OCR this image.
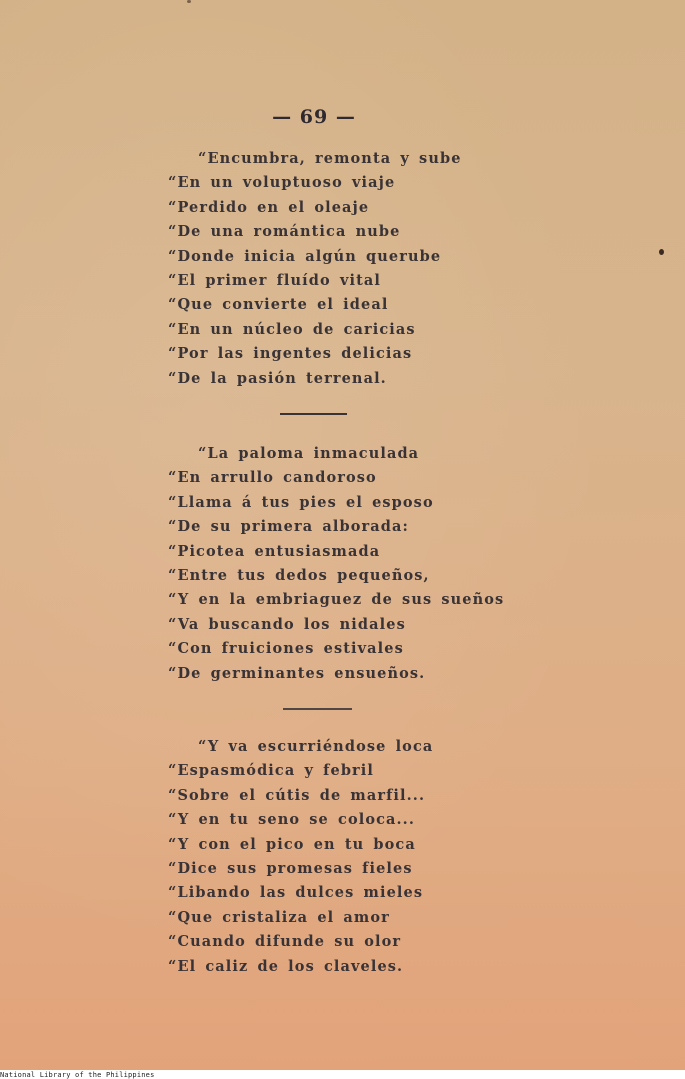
— 69 —
“Encumbra, remonta y sube
“En un voluptuoso viaje
“Perdido en el oleaje
“De una romántica nube
“Donde inicia algún querube
“El primer fluído vital
“Que convierte el ideal
“En un núcleo de caricias
“Por las ingentes delicias
“De la pasión terrenal.
“La paloma inmaculada
“En arrullo candoroso
“Llama á tus pies el esposo
“De su primera alborada:
“Picotea entusiasmada
“Entre tus dedos pequeños,
“Y en la embriaguez de sus sueños
“Va buscando los nidales
“Con fruiciones estivales
“De germinantes ensueños.
“Y va escurriéndose loca
“Espasmódica y febril
“Sobre el cútis de marfil...
“Y en tu seno se coloca...
“Y con el pico en tu boca
“Dice sus promesas fieles
“Libando las dulces mieles
“Que cristaliza el amor
“Cuando difunde su olor
“El caliz de los claveles.
National Library of the Philippines
